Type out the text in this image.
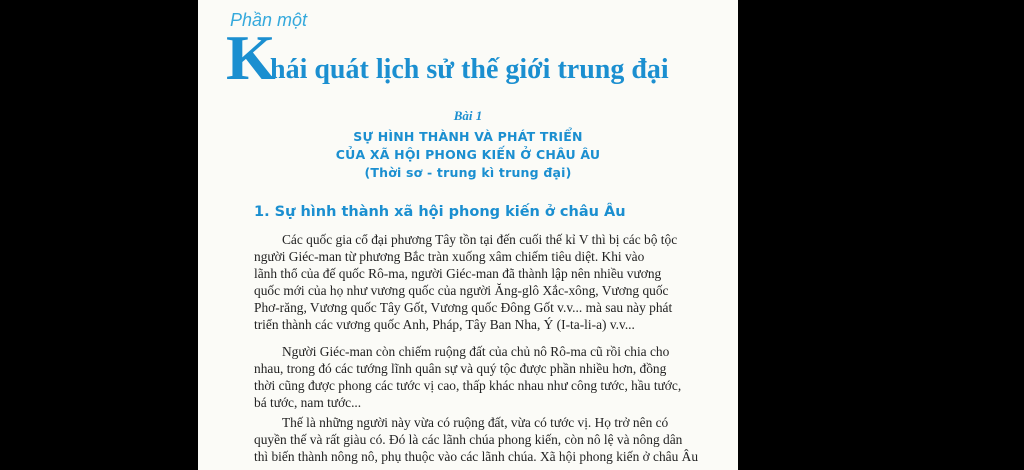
Phần một
K
hái quát lịch sử thế giới trung đại
Bài 1
SỰ HÌNH THÀNH VÀ PHÁT TRIỂN
CỦA XÃ HỘI PHONG KIẾN Ở CHÂU ÂU
(Thời sơ - trung kì trung đại)
1. Sự hình thành xã hội phong kiến ở châu Âu
Các quốc gia cổ đại phương Tây tồn tại đến cuối thế kỉ V thì bị các bộ tộc
người Giéc-man từ phương Bắc tràn xuống xâm chiếm tiêu diệt. Khi vào
lãnh thổ của đế quốc Rô-ma, người Giéc-man đã thành lập nên nhiều vương
quốc mới của họ như vương quốc của người Ăng-glô Xắc-xông, Vương quốc
Phơ-răng, Vương quốc Tây Gốt, Vương quốc Đông Gốt v.v... mà sau này phát
triển thành các vương quốc Anh, Pháp, Tây Ban Nha, Ý (I-ta-li-a) v.v...
Người Giéc-man còn chiếm ruộng đất của chủ nô Rô-ma cũ rồi chia cho
nhau, trong đó các tướng lĩnh quân sự và quý tộc được phần nhiều hơn, đồng
thời cũng được phong các tước vị cao, thấp khác nhau như công tước, hầu tước,
bá tước, nam tước...
Thế là những người này vừa có ruộng đất, vừa có tước vị. Họ trở nên có
quyền thế và rất giàu có. Đó là các lãnh chúa phong kiến, còn nô lệ và nông dân
thì biến thành nông nô, phụ thuộc vào các lãnh chúa. Xã hội phong kiến ở châu Âu
